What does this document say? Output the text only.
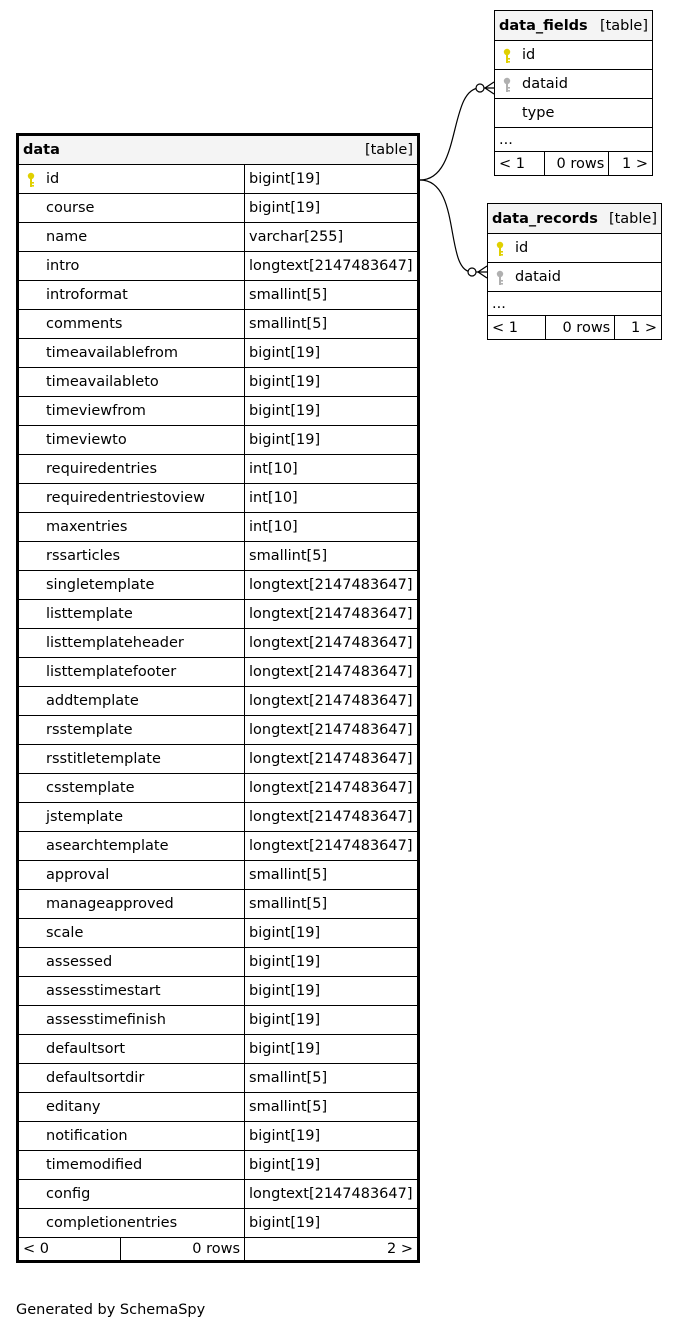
data [table]		

id		bigint[19]
course		bigint[19]
name		varchar[255]
intro		longtext[2147483647]
introformat		smallint[5]
comments		smallint[5]
timeavailablefrom		bigint[19]
timeavailableto		bigint[19]
timeviewfrom		bigint[19]
timeviewto		bigint[19]
requiredentries		int[10]
requiredentriestoview		int[10]
maxentries		int[10]
rssarticles		smallint[5]
singletemplate		longtext[2147483647]
listtemplate		longtext[2147483647]
listtemplateheader		longtext[2147483647]
listtemplatefooter		longtext[2147483647]
addtemplate		longtext[2147483647]
rsstemplate		longtext[2147483647]
rsstitletemplate		longtext[2147483647]
csstemplate		longtext[2147483647]
jstemplate		longtext[2147483647]
asearchtemplate		longtext[2147483647]
approval		smallint[5]
manageapproved		smallint[5]
scale		bigint[19]
assessed		bigint[19]
assesstimestart		bigint[19]
assesstimefinish		bigint[19]
defaultsort		bigint[19]
defaultsortdir		smallint[5]
editany		smallint[5]
notification		bigint[19]
timemodified		bigint[19]
config		longtext[2147483647]
completionentries		bigint[19]
< 0	0 rows	2 >
data_fields [table]

id

dataid
type
...
< 1	0 rows	1 >
data_records [table]

id

dataid
...
< 1	0 rows	1 >
Generated by SchemaSpy
